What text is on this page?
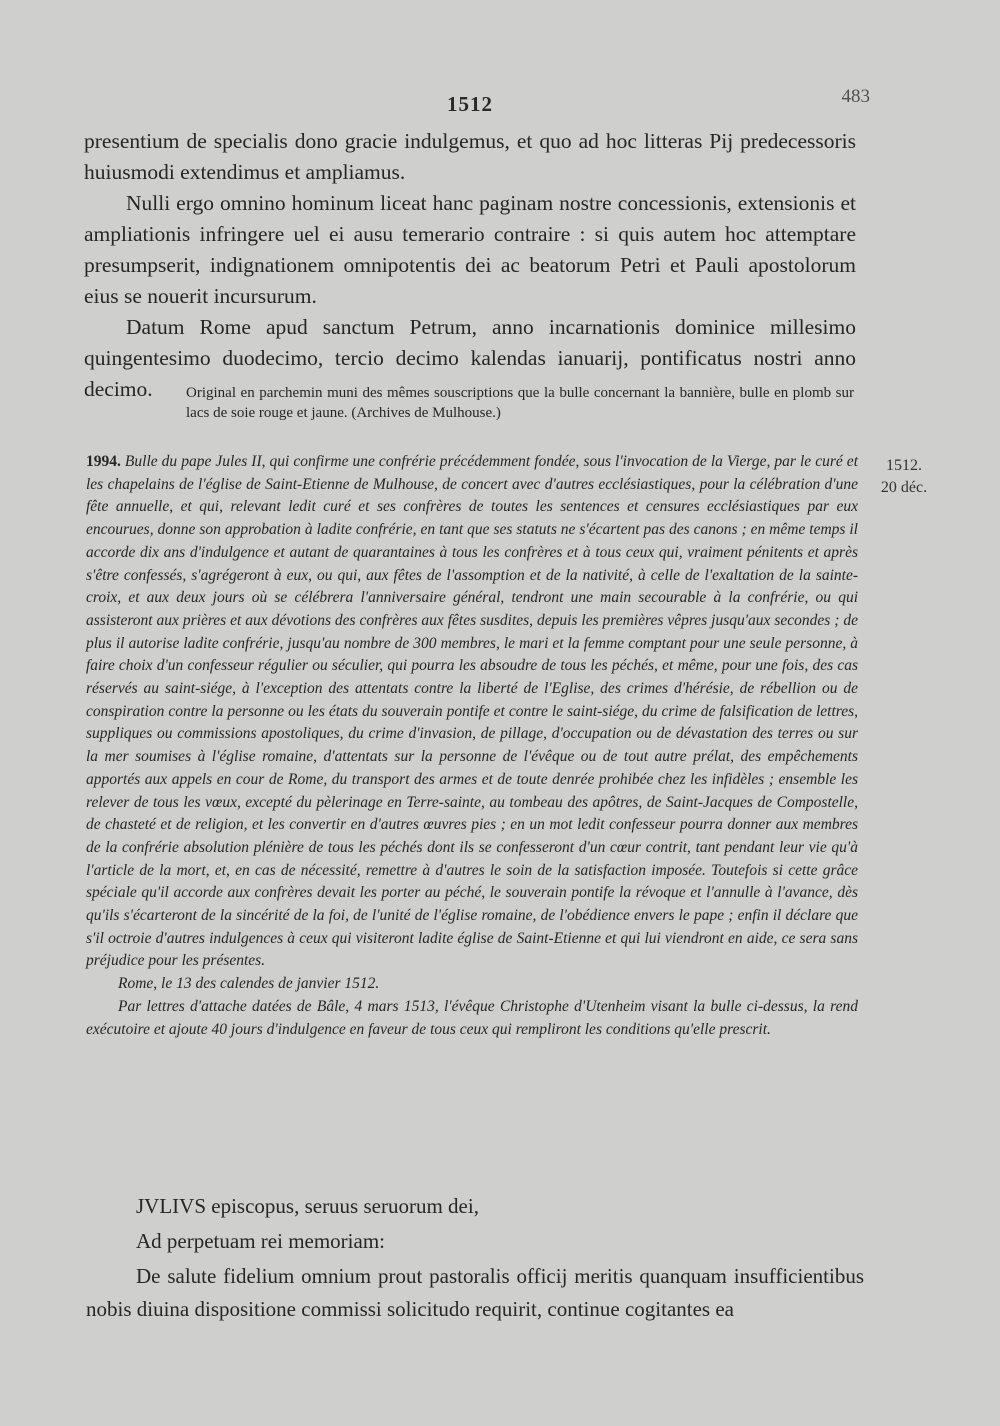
1512	483

presentium de specialis dono gracie indulgemus, et quo ad hoc litteras Pij predecessoris huiusmodi extendimus et ampliamus.

Nulli ergo omnino hominum liceat hanc paginam nostre concessionis, extensionis et ampliationis infringere uel ei ausu temerario contraire : si quis autem hoc attemptare presumpserit, indignationem omnipotentis dei ac beatorum Petri et Pauli apostolorum eius se nouerit incursurum.

Datum Rome apud sanctum Petrum, anno incarnationis dominice millesimo quingentesimo duodecimo, tercio decimo kalendas ianuarij, pontificatus nostri anno decimo.	Original en parchemin muni des mêmes souscriptions que la bulle concernant la bannière, bulle en plomb sur lacs de soie rouge et jaune. (Archives de Mulhouse.)

1994. Bulle du pape Jules II, qui confirme une confrérie précédemment fondée, sous l'invocation de la Vierge, par le curé et les chapelains de l'église de Saint-Etienne de Mulhouse, de concert avec d'autres ecclésiastiques, pour la célébration d'une fête annuelle, et qui, relevant ledit curé et ses confrères de toutes les sentences et censures ecclésiastiques par eux encourues, donne son approbation à ladite confrérie, en tant que ses statuts ne s'écartent pas des canons ; en même temps il accorde dix ans d'indulgence et autant de quarantaines à tous les confrères et à tous ceux qui, vraiment pénitents et après s'être confessés, s'agrégeront à eux, ou qui, aux fêtes de l'assomption et de la nativité, à celle de l'exaltation de la sainte-croix, et aux deux jours où se célébrera l'anniversaire général, tendront une main secourable à la confrérie, ou qui assisteront aux prières et aux dévotions des confrères aux fêtes susdites, depuis les premières vêpres jusqu'aux secondes ; de plus il autorise ladite confrérie, jusqu'au nombre de 300 membres, le mari et la femme comptant pour une seule personne, à faire choix d'un confesseur régulier ou séculier, qui pourra les absoudre de tous les péchés, et même, pour une fois, des cas réservés au saint-siége, à l'exception des attentats contre la liberté de l'Eglise, des crimes d'hérésie, de rébellion ou de conspiration contre la personne ou les états du souverain pontife et contre le saint-siége, du crime de falsification de lettres, suppliques ou commissions apostoliques, du crime d'invasion, de pillage, d'occupation ou de dévastation des terres ou sur la mer soumises à l'église romaine, d'attentats sur la personne de l'évêque ou de tout autre prélat, des empêchements apportés aux appels en cour de Rome, du transport des armes et de toute denrée prohibée chez les infidèles ; ensemble les relever de tous les vœux, excepté du pèlerinage en Terre-sainte, au tombeau des apôtres, de Saint-Jacques de Compostelle, de chasteté et de religion, et les convertir en d'autres œuvres pies ; en un mot ledit confesseur pourra donner aux membres de la confrérie absolution plénière de tous les péchés dont ils se confesseront d'un cœur contrit, tant pendant leur vie qu'à l'article de la mort, et, en cas de nécessité, remettre à d'autres le soin de la satisfaction imposée. Toutefois si cette grâce spéciale qu'il accorde aux confrères devait les porter au péché, le souverain pontife la révoque et l'annulle à l'avance, dès qu'ils s'écarteront de la sincérité de la foi, de l'unité de l'église romaine, de l'obédience envers le pape ; enfin il déclare que s'il octroie d'autres indulgences à ceux qui visiteront ladite église de Saint-Etienne et qui lui viendront en aide, ce sera sans préjudice pour les présentes.

Rome, le 13 des calendes de janvier 1512.

Par lettres d'attache datées de Bâle, 4 mars 1513, l'évêque Christophe d'Utenheim visant la bulle ci-dessus, la rend exécutoire et ajoute 40 jours d'indulgence en faveur de tous ceux qui rempliront les conditions qu'elle prescrit.

1512.
20 déc.

JVLIVS episcopus, seruus seruorum dei,

Ad perpetuam rei memoriam:

De salute fidelium omnium prout pastoralis officij meritis quanquam insufficientibus nobis diuina dispositione commissi solicitudo requirit, continue cogitantes ea
